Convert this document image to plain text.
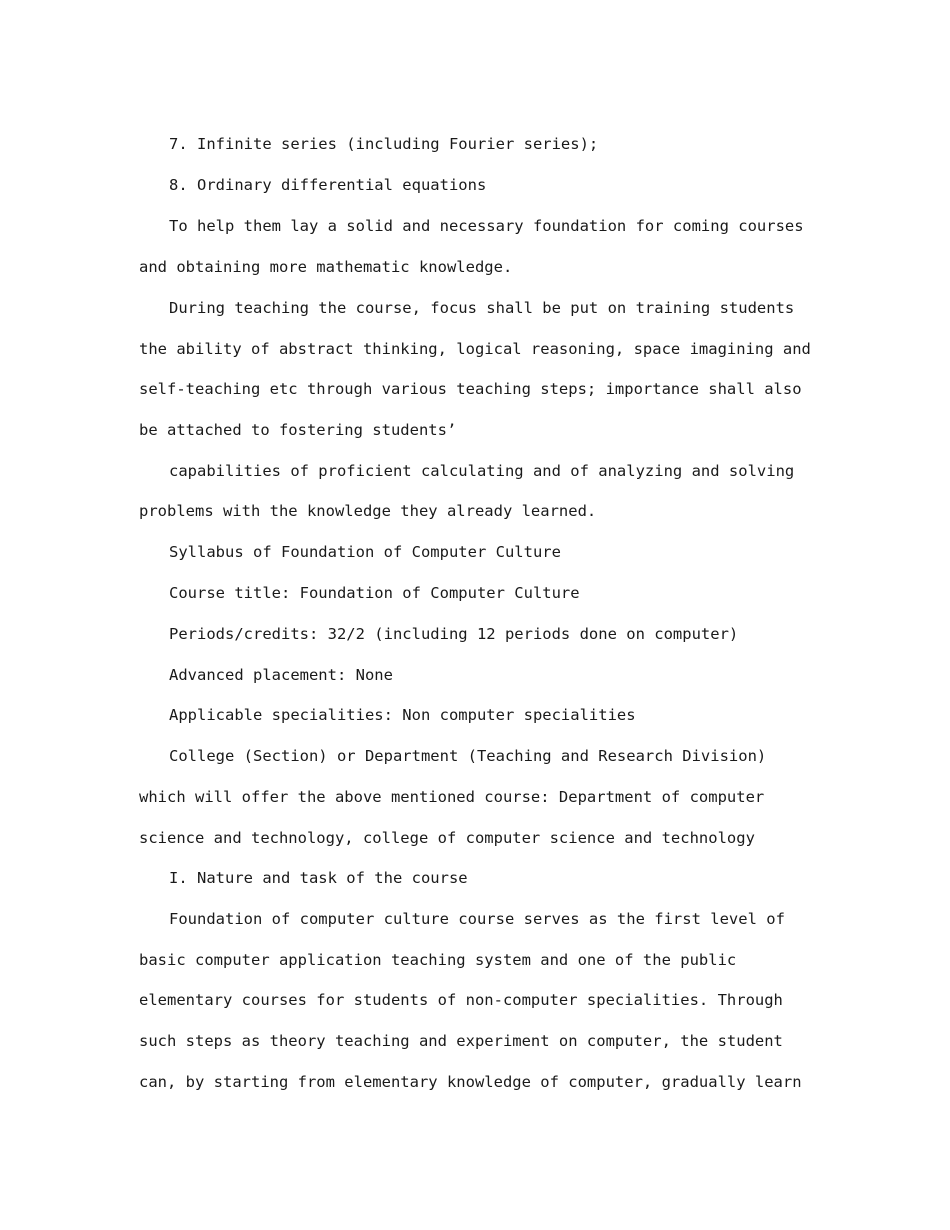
7. Infinite series (including Fourier series);
8. Ordinary differential equations
To help them lay a solid and necessary foundation for coming courses
and obtaining more mathematic knowledge.
During teaching the course, focus shall be put on training students
the ability of abstract thinking, logical reasoning, space imagining and
self-teaching etc through various teaching steps; importance shall also
be attached to fostering students’
capabilities of proficient calculating and of analyzing and solving
problems with the knowledge they already learned.
Syllabus of Foundation of Computer Culture
Course title: Foundation of Computer Culture
Periods/credits: 32/2 (including 12 periods done on computer)
Advanced placement: None
Applicable specialities: Non computer specialities
College (Section) or Department (Teaching and Research Division)
which will offer the above mentioned course: Department of computer
science and technology, college of computer science and technology
I. Nature and task of the course
Foundation of computer culture course serves as the first level of
basic computer application teaching system and one of the public
elementary courses for students of non-computer specialities. Through
such steps as theory teaching and experiment on computer, the student
can, by starting from elementary knowledge of computer, gradually learn
